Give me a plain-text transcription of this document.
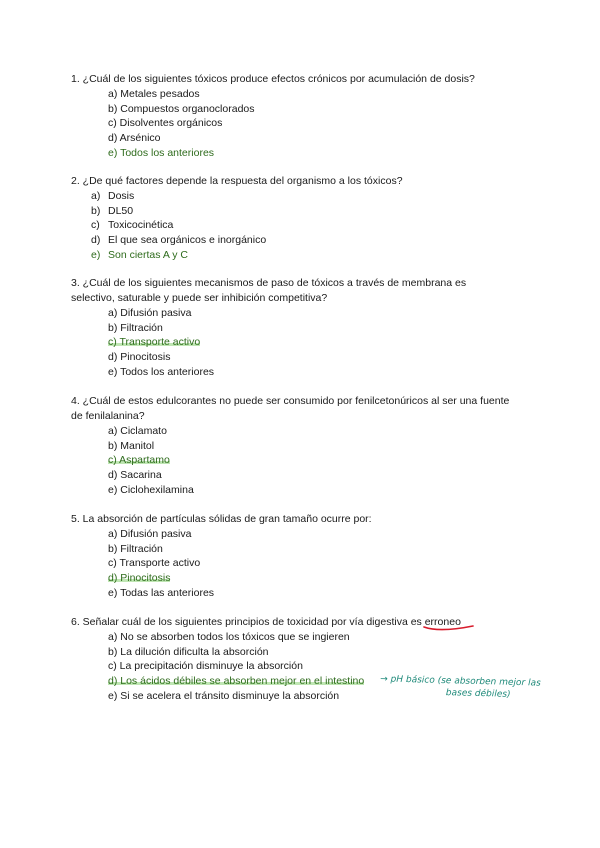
1. ¿Cuál de los siguientes tóxicos produce efectos crónicos por acumulación de dosis?

a) Metales pesados
b) Compuestos organoclorados
c) Disolventes orgánicos
d) Arsénico
e) Todos los anteriores

2. ¿De qué factores depende la respuesta del organismo a los tóxicos?

a) Dosis
b) DL50
c) Toxicocinética
d) El que sea orgánicos e inorgánico
e) Son ciertas A y C

3. ¿Cuál de los siguientes mecanismos de paso de tóxicos a través de membrana es selectivo, saturable y puede ser inhibición competitiva?

a) Difusión pasiva
b) Filtración
c) Transporte activo
d) Pinocitosis
e) Todos los anteriores

4. ¿Cuál de estos edulcorantes no puede ser consumido por fenilcetonúricos al ser una fuente de fenilalanina?

a) Ciclamato
b) Manitol
c) Aspartamo
d) Sacarina
e) Ciclohexilamina

5. La absorción de partículas sólidas de gran tamaño ocurre por:

a) Difusión pasiva
b) Filtración
c) Transporte activo
d) Pinocitosis
e) Todas las anteriores

6. Señalar cuál de los siguientes principios de toxicidad por vía digestiva es erroneo

a) No se absorben todos los tóxicos que se ingieren
b) La dilución dificulta la absorción
c) La precipitación disminuye la absorción
d) Los ácidos débiles se absorben mejor en el intestino
e) Si se acelera el tránsito disminuye la absorción
→ pH básico (se absorben mejor las
bases débiles)
